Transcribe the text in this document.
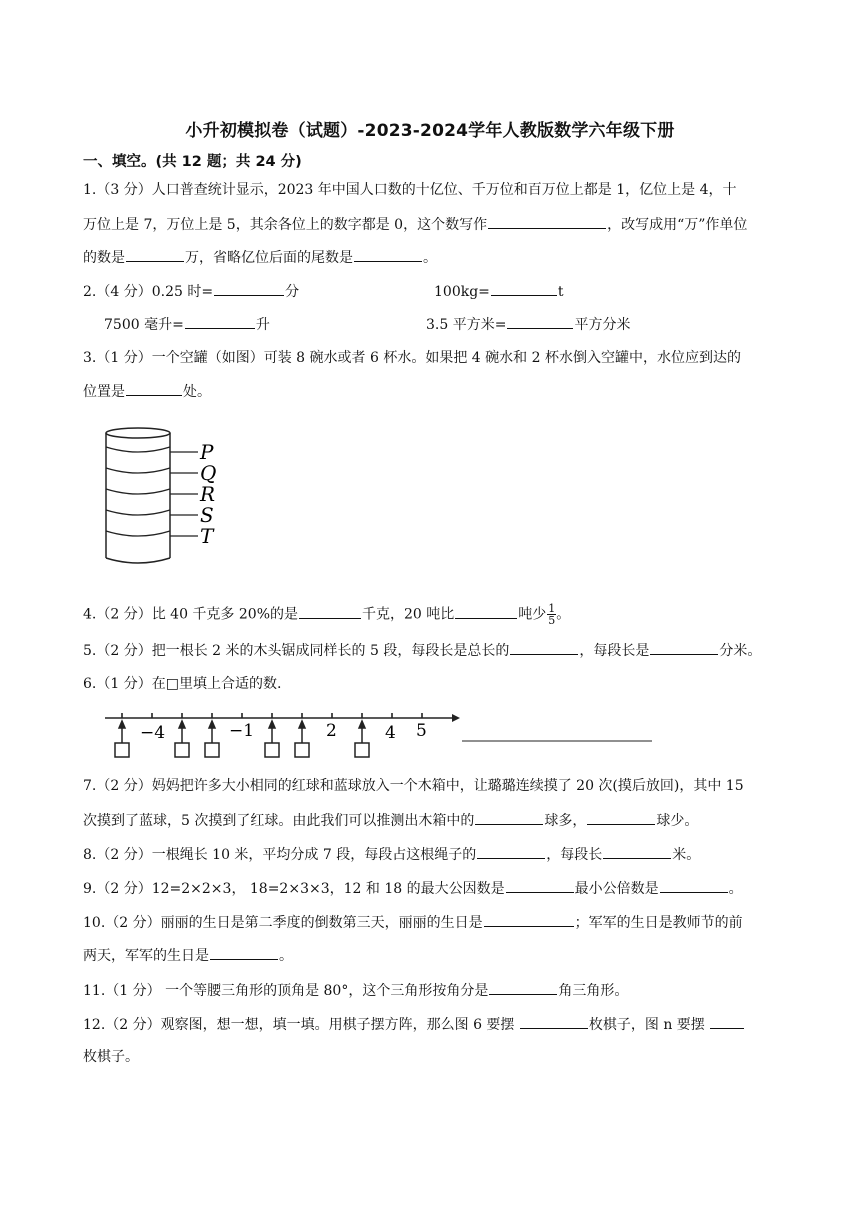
小升初模拟卷（试题）-2023-2024学年人教版数学六年级下册
一、填空。(共 12 题；共 24 分)
1.（3 分）人口普查统计显示，2023 年中国人口数的十亿位、千万位和百万位上都是 1，亿位上是 4，十
万位上是 7，万位上是 5，其余各位上的数字都是 0，这个数写作	，改写成用“万”作单位
的数是	万，省略亿位后面的尾数是	。
2.（4 分）0.25 时=	分	100kg=	t
7500 毫升=	升	3.5 平方米=	平方分米
3.（1 分）一个空罐（如图）可装 8 碗水或者 6 杯水。如果把 4 碗水和 2 杯水倒入空罐中，水位应到达的
位置是	处。
P
Q
R
S
T
4.（2 分）比 40 千克多 20%的是	千克，20 吨比	吨少 $\frac{1}{5}$ 。
5.（2 分）把一根长 2 米的木头锯成同样长的 5 段，每段长是总长的	，每段长是	分米。
6.（1 分）在□里填上合适的数.
−4	−1	2	4 5
7.（2 分）妈妈把许多大小相同的红球和蓝球放入一个木箱中，让璐璐连续摸了 20 次(摸后放回)，其中 15
次摸到了蓝球，5 次摸到了红球。由此我们可以推测出木箱中的	球多，	球少。
8.（2 分）一根绳长 10 米，平均分成 7 段，每段占这根绳子的	，每段长	米。
9.（2 分）12=2×2×3， 18=2×3×3，12 和 18 的最大公因数是	最小公倍数是	。
10.（2 分）丽丽的生日是第二季度的倒数第三天，丽丽的生日是	；军军的生日是教师节的前
两天，军军的生日是	。
11.（1 分） 一个等腰三角形的顶角是 80°，这个三角形按角分是	角三角形。
12.（2 分）观察图，想一想，填一填。用棋子摆方阵，那么图 6 要摆	枚棋子，图 n 要摆
枚棋子。
